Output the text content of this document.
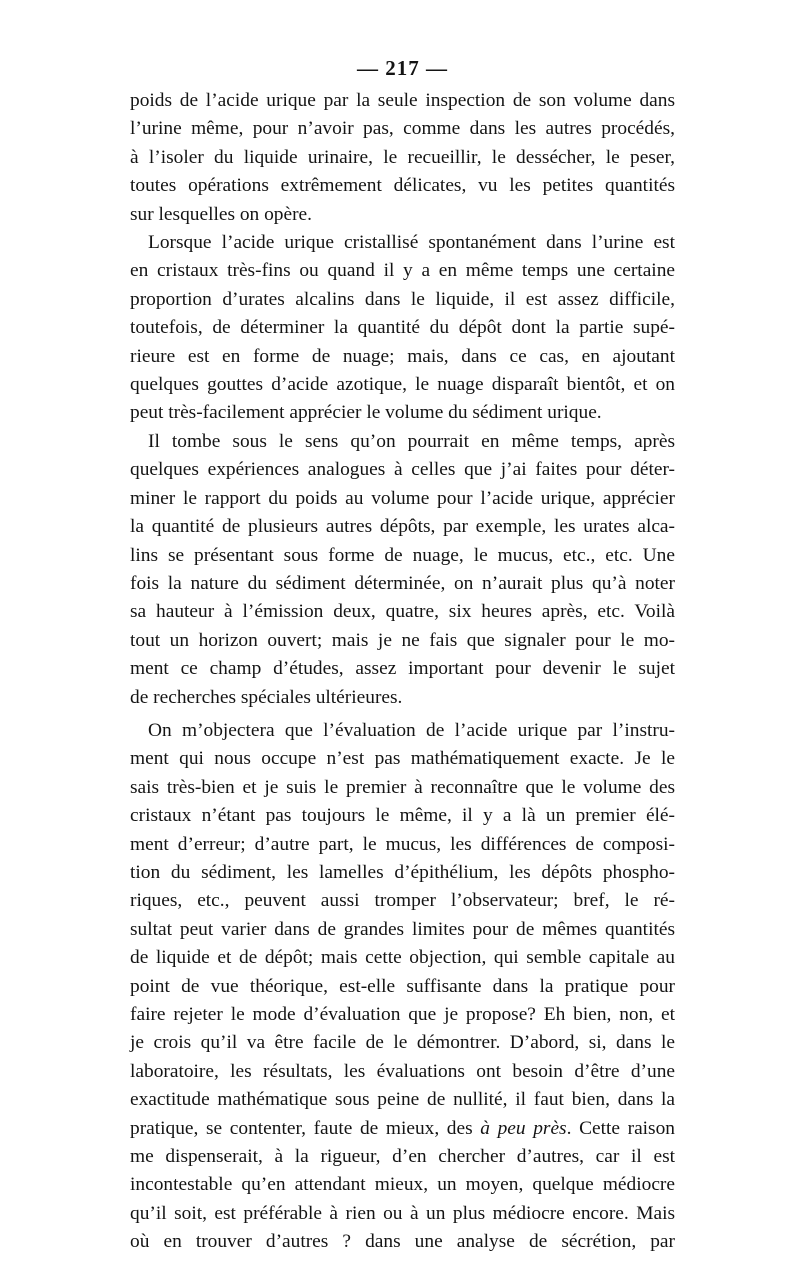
— 217 —

poids de l’acide urique par la seule inspection de son volume dans
l’urine même, pour n’avoir pas, comme dans les autres procédés,
à l’isoler du liquide urinaire, le recueillir, le dessécher, le peser,
toutes opérations extrêmement délicates, vu les petites quantités
sur lesquelles on opère.

Lorsque l’acide urique cristallisé spontanément dans l’urine est
en cristaux très-fins ou quand il y a en même temps une certaine
proportion d’urates alcalins dans le liquide, il est assez difficile,
toutefois, de déterminer la quantité du dépôt dont la partie supé-
rieure est en forme de nuage; mais, dans ce cas, en ajoutant
quelques gouttes d’acide azotique, le nuage disparaît bientôt, et on
peut très-facilement apprécier le volume du sédiment urique.

Il tombe sous le sens qu’on pourrait en même temps, après
quelques expériences analogues à celles que j’ai faites pour déter-
miner le rapport du poids au volume pour l’acide urique, apprécier
la quantité de plusieurs autres dépôts, par exemple, les urates alca-
lins se présentant sous forme de nuage, le mucus, etc., etc. Une
fois la nature du sédiment déterminée, on n’aurait plus qu’à noter
sa hauteur à l’émission deux, quatre, six heures après, etc. Voilà
tout un horizon ouvert; mais je ne fais que signaler pour le mo-
ment ce champ d’études, assez important pour devenir le sujet
de recherches spéciales ultérieures.

On m’objectera que l’évaluation de l’acide urique par l’instru-
ment qui nous occupe n’est pas mathématiquement exacte. Je le
sais très-bien et je suis le premier à reconnaître que le volume des
cristaux n’étant pas toujours le même, il y a là un premier élé-
ment d’erreur; d’autre part, le mucus, les différences de composi-
tion du sédiment, les lamelles d’épithélium, les dépôts phospho-
riques, etc., peuvent aussi tromper l’observateur; bref, le ré-
sultat peut varier dans de grandes limites pour de mêmes quantités
de liquide et de dépôt; mais cette objection, qui semble capitale au
point de vue théorique, est-elle suffisante dans la pratique pour
faire rejeter le mode d’évaluation que je propose? Eh bien, non, et
je crois qu’il va être facile de le démontrer. D’abord, si, dans le
laboratoire, les résultats, les évaluations ont besoin d’être d’une
exactitude mathématique sous peine de nullité, il faut bien, dans la
pratique, se contenter, faute de mieux, des à peu près. Cette raison
me dispenserait, à la rigueur, d’en chercher d’autres, car il est
incontestable qu’en attendant mieux, un moyen, quelque médiocre
qu’il soit, est préférable à rien ou à un plus médiocre encore. Mais
où en trouver d’autres ? dans une analyse de sécrétion, par
